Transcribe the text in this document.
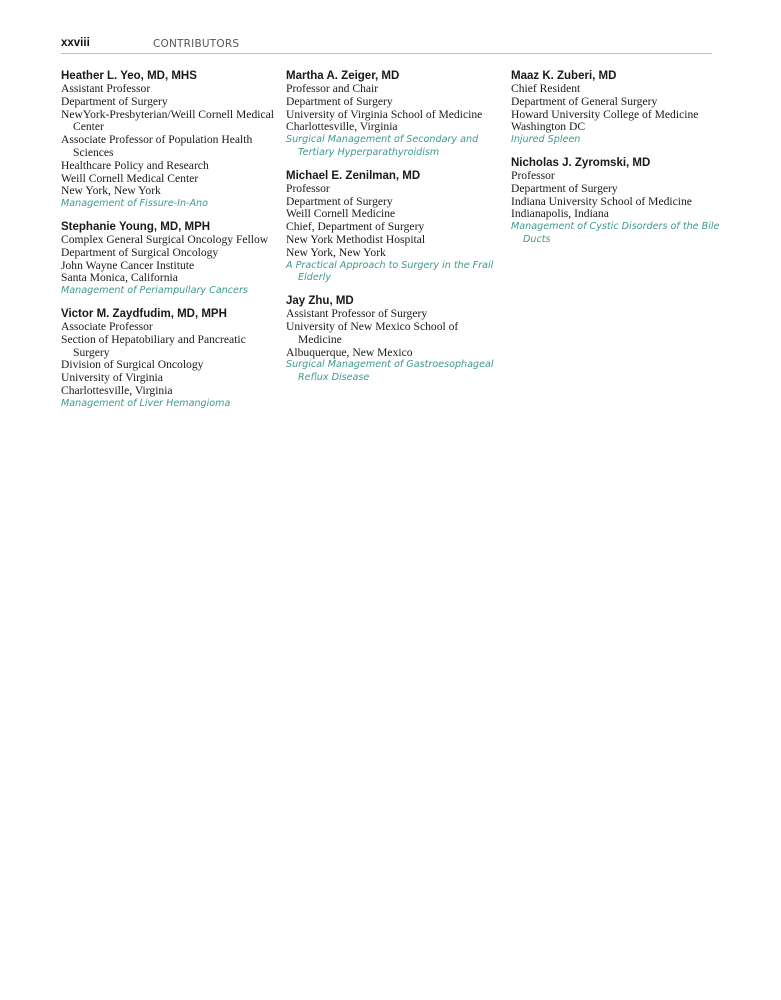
xxviii	CONTRIBUTORS
Heather L. Yeo, MD, MHS
Assistant Professor
Department of Surgery
NewYork-Presbyterian/Weill Cornell Medical Center
Associate Professor of Population Health Sciences
Healthcare Policy and Research
Weill Cornell Medical Center
New York, New York
Management of Fissure-In-Ano
Stephanie Young, MD, MPH
Complex General Surgical Oncology Fellow
Department of Surgical Oncology
John Wayne Cancer Institute
Santa Monica, California
Management of Periampullary Cancers
Victor M. Zaydfudim, MD, MPH
Associate Professor
Section of Hepatobiliary and Pancreatic Surgery
Division of Surgical Oncology
University of Virginia
Charlottesville, Virginia
Management of Liver Hemangioma
Martha A. Zeiger, MD
Professor and Chair
Department of Surgery
University of Virginia School of Medicine
Charlottesville, Virginia
Surgical Management of Secondary and Tertiary Hyperparathyroidism
Michael E. Zenilman, MD
Professor
Department of Surgery
Weill Cornell Medicine
Chief, Department of Surgery
New York Methodist Hospital
New York, New York
A Practical Approach to Surgery in the Frail Elderly
Jay Zhu, MD
Assistant Professor of Surgery
University of New Mexico School of Medicine
Albuquerque, New Mexico
Surgical Management of Gastroesophageal Reflux Disease
Maaz K. Zuberi, MD
Chief Resident
Department of General Surgery
Howard University College of Medicine
Washington DC
Injured Spleen
Nicholas J. Zyromski, MD
Professor
Department of Surgery
Indiana University School of Medicine
Indianapolis, Indiana
Management of Cystic Disorders of the Bile Ducts
